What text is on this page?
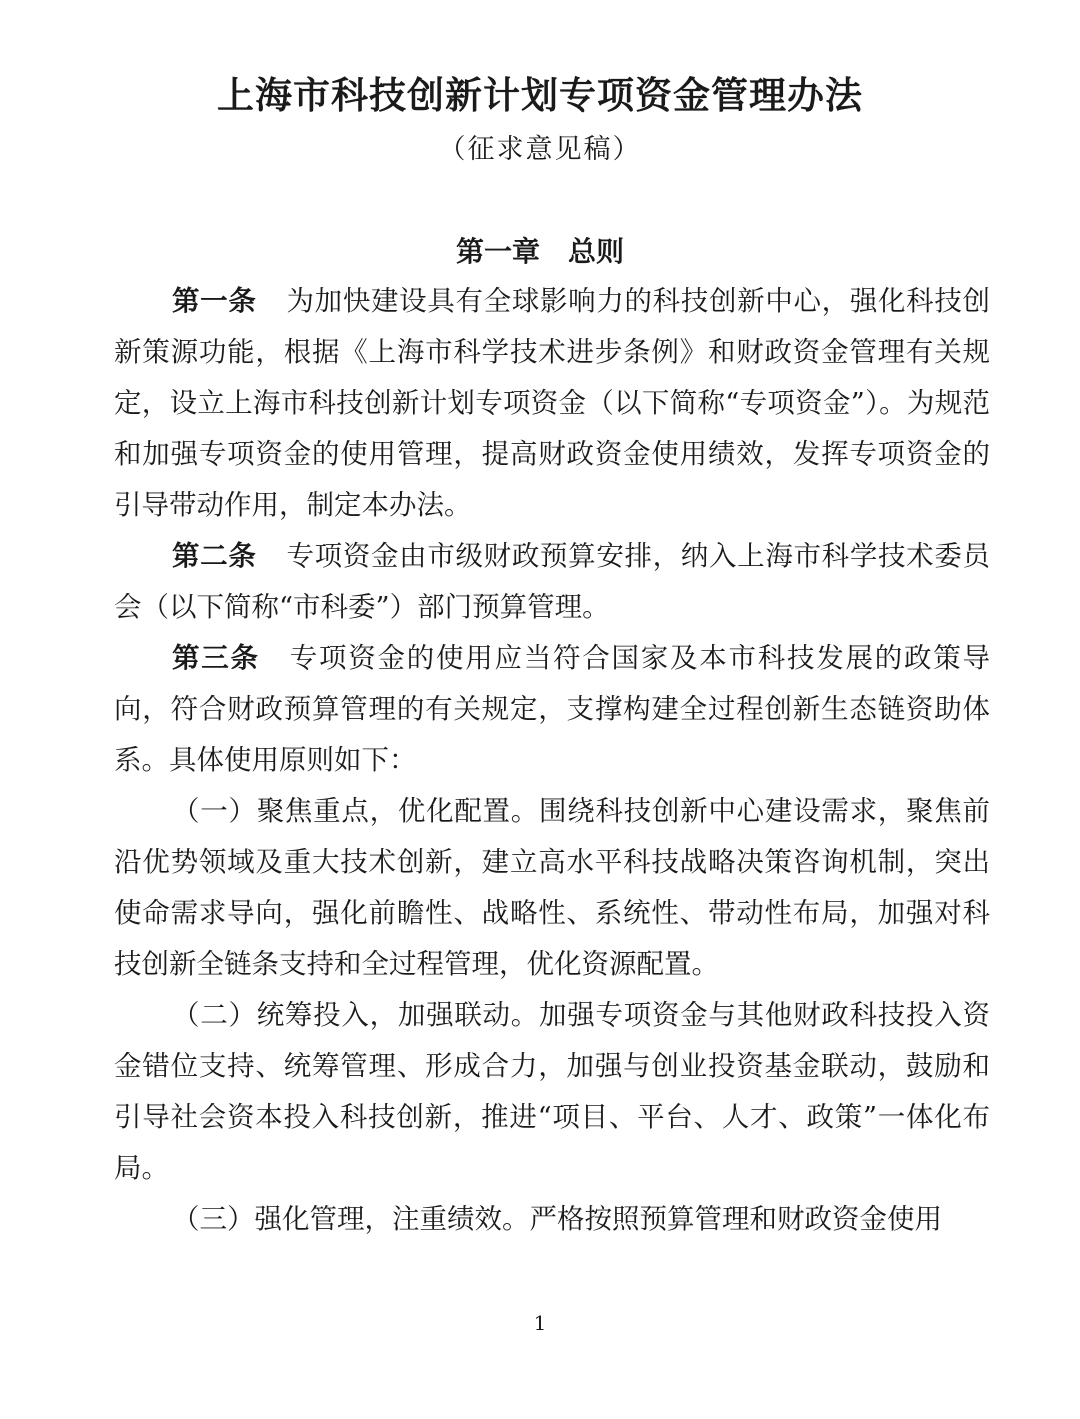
上海市科技创新计划专项资金管理办法
（征求意见稿）
第一章 总则

第一条 为加快建设具有全球影响力的科技创新中心，强化科技创新策源功能，根据《上海市科学技术进步条例》和财政资金管理有关规定，设立上海市科技创新计划专项资金（以下简称“专项资金”）。为规范和加强专项资金的使用管理，提高财政资金使用绩效，发挥专项资金的引导带动作用，制定本办法。

第二条 专项资金由市级财政预算安排，纳入上海市科学技术委员会（以下简称“市科委”）部门预算管理。

第三条 专项资金的使用应当符合国家及本市科技发展的政策导向，符合财政预算管理的有关规定，支撑构建全过程创新生态链资助体系。具体使用原则如下：

（一）聚焦重点，优化配置。围绕科技创新中心建设需求，聚焦前沿优势领域及重大技术创新，建立高水平科技战略决策咨询机制，突出使命需求导向，强化前瞻性、战略性、系统性、带动性布局，加强对科技创新全链条支持和全过程管理，优化资源配置。

（二）统筹投入，加强联动。加强专项资金与其他财政科技投入资金错位支持、统筹管理、形成合力，加强与创业投资基金联动，鼓励和引导社会资本投入科技创新，推进“项目、平台、人才、政策”一体化布局。

（三）强化管理，注重绩效。严格按照预算管理和财政资金使用

1
